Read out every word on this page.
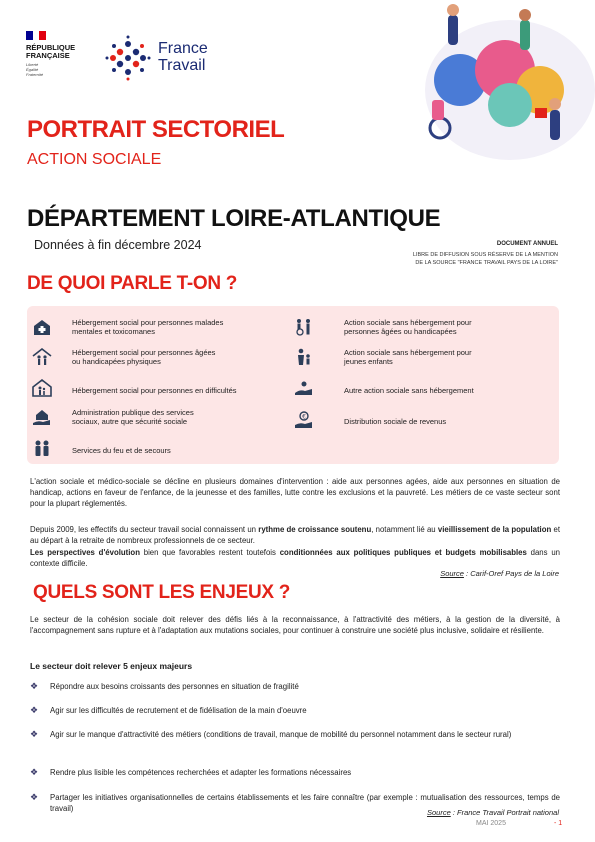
RÉPUBLIQUE
FRANÇAISE
Liberté
Égalité
Fraternité
France
Travail
PORTRAIT SECTORIEL
ACTION SOCIALE
DÉPARTEMENT LOIRE-ATLANTIQUE
Données à fin décembre 2024	DOCUMENT ANNUEL
LIBRE DE DIFFUSION SOUS RÉSERVE DE LA MENTION
DE LA SOURCE "FRANCE TRAVAIL PAYS DE LA LOIRE"
DE QUOI PARLE T-ON ?
Hébergement social pour personnes malades
mentales et toxicomanes
Hébergement social pour personnes âgées
ou handicapées physiques
Hébergement social pour personnes en difficultés
Administration publique des services
sociaux, autre que sécurité sociale
Services du feu et de secours
Action sociale sans hébergement pour
personnes âgées ou handicapées
Action sociale sans hébergement pour
jeunes enfants
Autre action sociale sans hébergement
€	Distribution sociale de revenus
L'action sociale et médico-sociale se décline en plusieurs domaines d'intervention : aide aux personnes agées, aide aux personnes en situation de handicap, actions en faveur de l'enfance, de la jeunesse et des familles, lutte contre les exclusions et la pauvreté. Les métiers de ce vaste secteur sont pour la plupart réglementés.
Depuis 2009, les effectifs du secteur travail social connaissent un rythme de croissance soutenu, notamment lié au vieillissement de la population et au départ à la retraite de nombreux professionnels de ce secteur.
Les perspectives d'évolution bien que favorables restent toutefois conditionnées aux politiques publiques et budgets mobilisables dans un contexte difficile.
Source : Carif-Oref Pays de la Loire
QUELS SONT LES ENJEUX ?
Le secteur de la cohésion sociale doit relever des défis liés à la reconnaissance, à l'attractivité des métiers, à la gestion de la diversité, à l'accompagnement sans rupture et à l'adaptation aux mutations sociales, pour continuer à construire une société plus inclusive, solidaire et résiliente.
Le secteur doit relever 5 enjeux majeurs
❖	Répondre aux besoins croissants des personnes en situation de fragilité
❖	Agir sur les difficultés de recrutement et de fidélisation de la main d'oeuvre
❖	Agir sur le manque d'attractivité des métiers (conditions de travail, manque de mobilité du personnel notamment dans le secteur rural)
❖	Rendre plus lisible les compétences recherchées et adapter les formations nécessaires
❖	Partager les initiatives organisationnelles de certains établissements et les faire connaître (par exemple : mutualisation des ressources, temps de travail)	Source : France Travail Portrait national
MAI 2025	- 1
